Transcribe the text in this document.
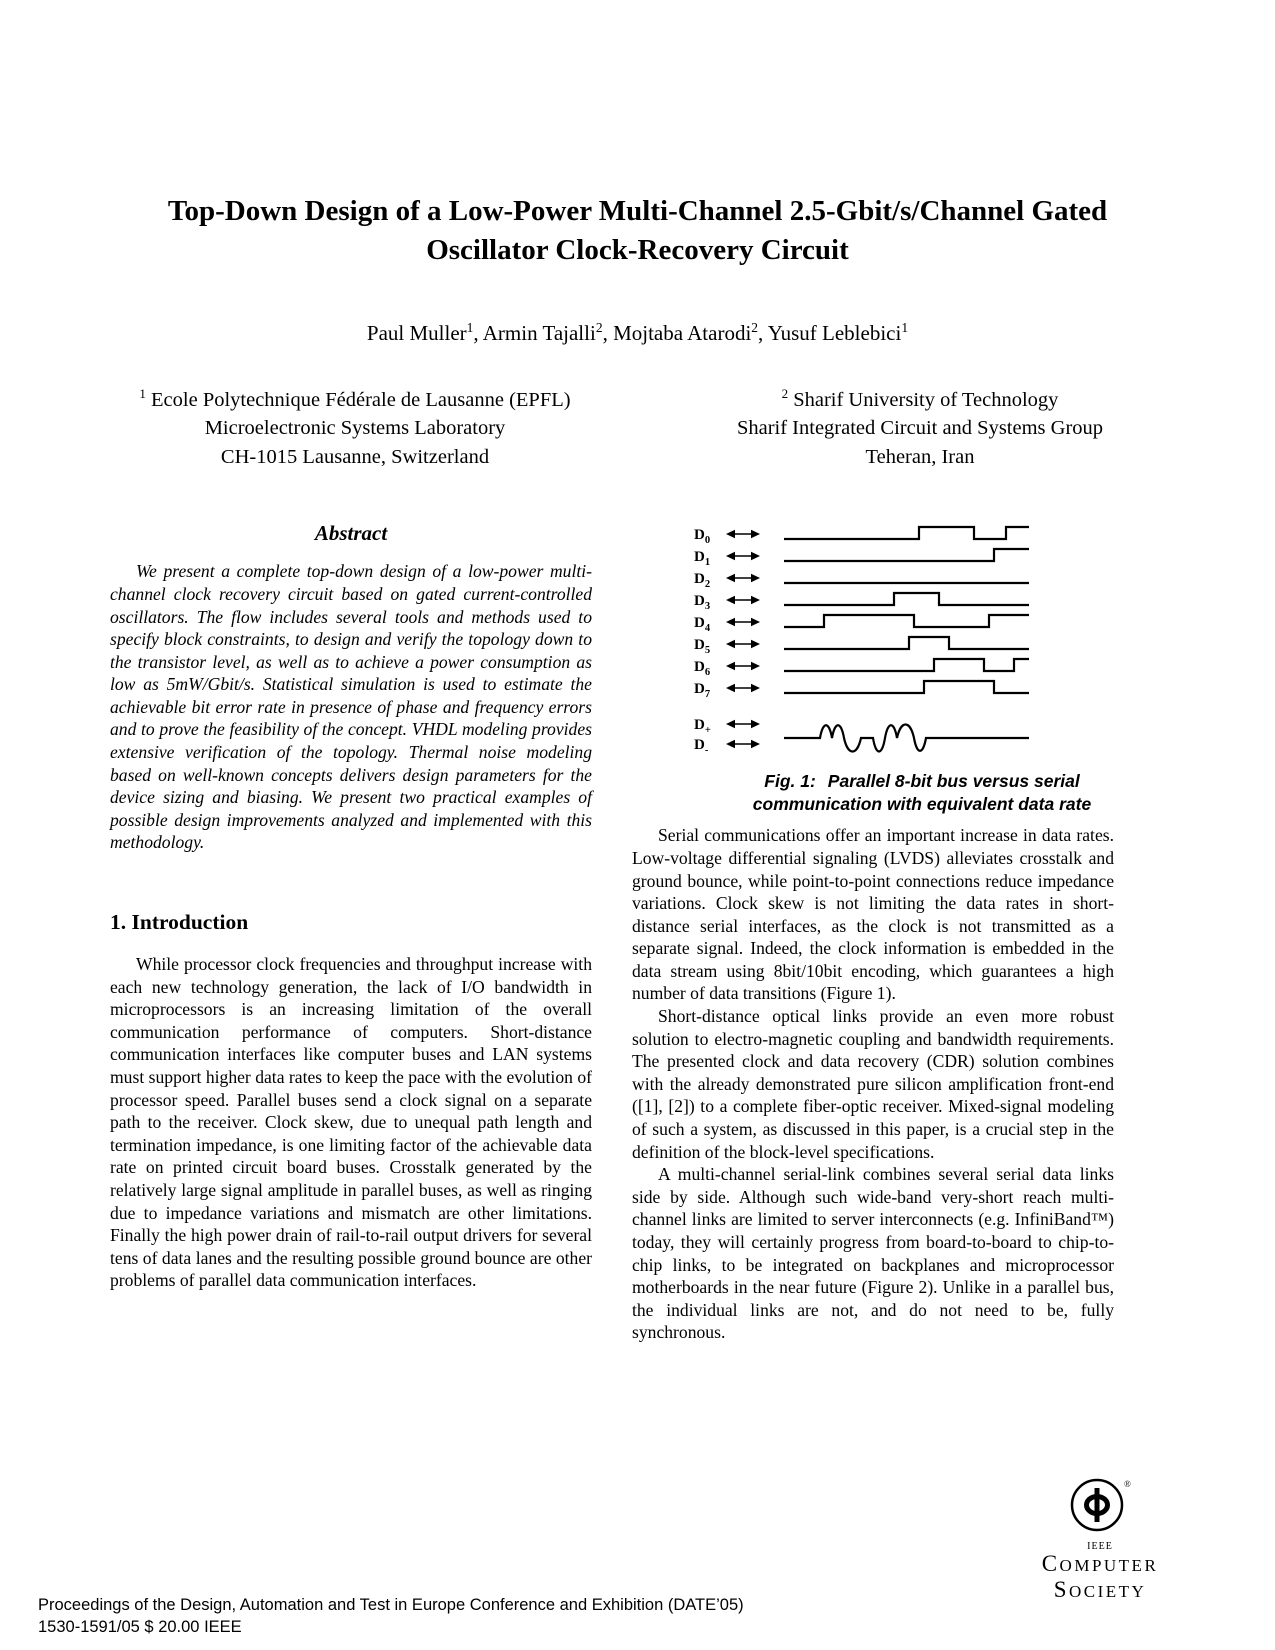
Top-Down Design of a Low-Power Multi-Channel 2.5-Gbit/s/Channel Gated Oscillator Clock-Recovery Circuit
Paul Muller$^1$, Armin Tajalli$^2$, Mojtaba Atarodi$^2$, Yusuf Leblebici$^1$
$^1$ Ecole Polytechnique Fédérale de Lausanne (EPFL)
Microelectronic Systems Laboratory
CH-1015 Lausanne, Switzerland
$^2$ Sharif University of Technology
Sharif Integrated Circuit and Systems Group
Teheran, Iran
Abstract

We present a complete top-down design of a low-power multi-channel clock recovery circuit based on gated current-controlled oscillators. The flow includes several tools and methods used to specify block constraints, to design and verify the topology down to the transistor level, as well as to achieve a power consumption as low as 5mW/Gbit/s. Statistical simulation is used to estimate the achievable bit error rate in presence of phase and frequency errors and to prove the feasibility of the concept. VHDL modeling provides extensive verification of the topology. Thermal noise modeling based on well-known concepts delivers design parameters for the device sizing and biasing. We present two practical examples of possible design improvements analyzed and implemented with this methodology.

1. Introduction

While processor clock frequencies and throughput increase with each new technology generation, the lack of I/O bandwidth in microprocessors is an increasing limitation of the overall communication performance of computers. Short-distance communication interfaces like computer buses and LAN systems must support higher data rates to keep the pace with the evolution of processor speed. Parallel buses send a clock signal on a separate path to the receiver. Clock skew, due to unequal path length and termination impedance, is one limiting factor of the achievable data rate on printed circuit board buses. Crosstalk generated by the relatively large signal amplitude in parallel buses, as well as ringing due to impedance variations and mismatch are other limitations. Finally the high power drain of rail-to-rail output drivers for several tens of data lanes and the resulting possible ground bounce are other problems of parallel data communication interfaces.

$D_0$
$D_1$
$D_2$
$D_3$
$D_4$
$D_5$
$D_6$
$D_7$
$D_+$
$D_-$
Fig. 1: Parallel 8-bit bus versus serial communication with equivalent data rate

Serial communications offer an important increase in data rates. Low-voltage differential signaling (LVDS) alleviates crosstalk and ground bounce, while point-to-point connections reduce impedance variations. Clock skew is not limiting the data rates in short-distance serial interfaces, as the clock is not transmitted as a separate signal. Indeed, the clock information is embedded in the data stream using 8bit/10bit encoding, which guarantees a high number of data transitions (Figure 1).

Short-distance optical links provide an even more robust solution to electro-magnetic coupling and bandwidth requirements. The presented clock and data recovery (CDR) solution combines with the already demonstrated pure silicon amplification front-end ([1], [2]) to a complete fiber-optic receiver. Mixed-signal modeling of such a system, as discussed in this paper, is a crucial step in the definition of the block-level specifications.

A multi-channel serial-link combines several serial data links side by side. Although such wide-band very-short reach multi-channel links are limited to server interconnects (e.g. InfiniBand™) today, they will certainly progress from board-to-board to chip-to-chip links, to be integrated on backplanes and microprocessor motherboards in the near future (Figure 2). Unlike in a parallel bus, the individual links are not, and do not need to be, fully synchronous.

Proceedings of the Design, Automation and Test in Europe Conference and Exhibition (DATE’05)
1530-1591/05 $ 20.00 IEEE
®
IEEE
COMPUTER
SOCIETY
